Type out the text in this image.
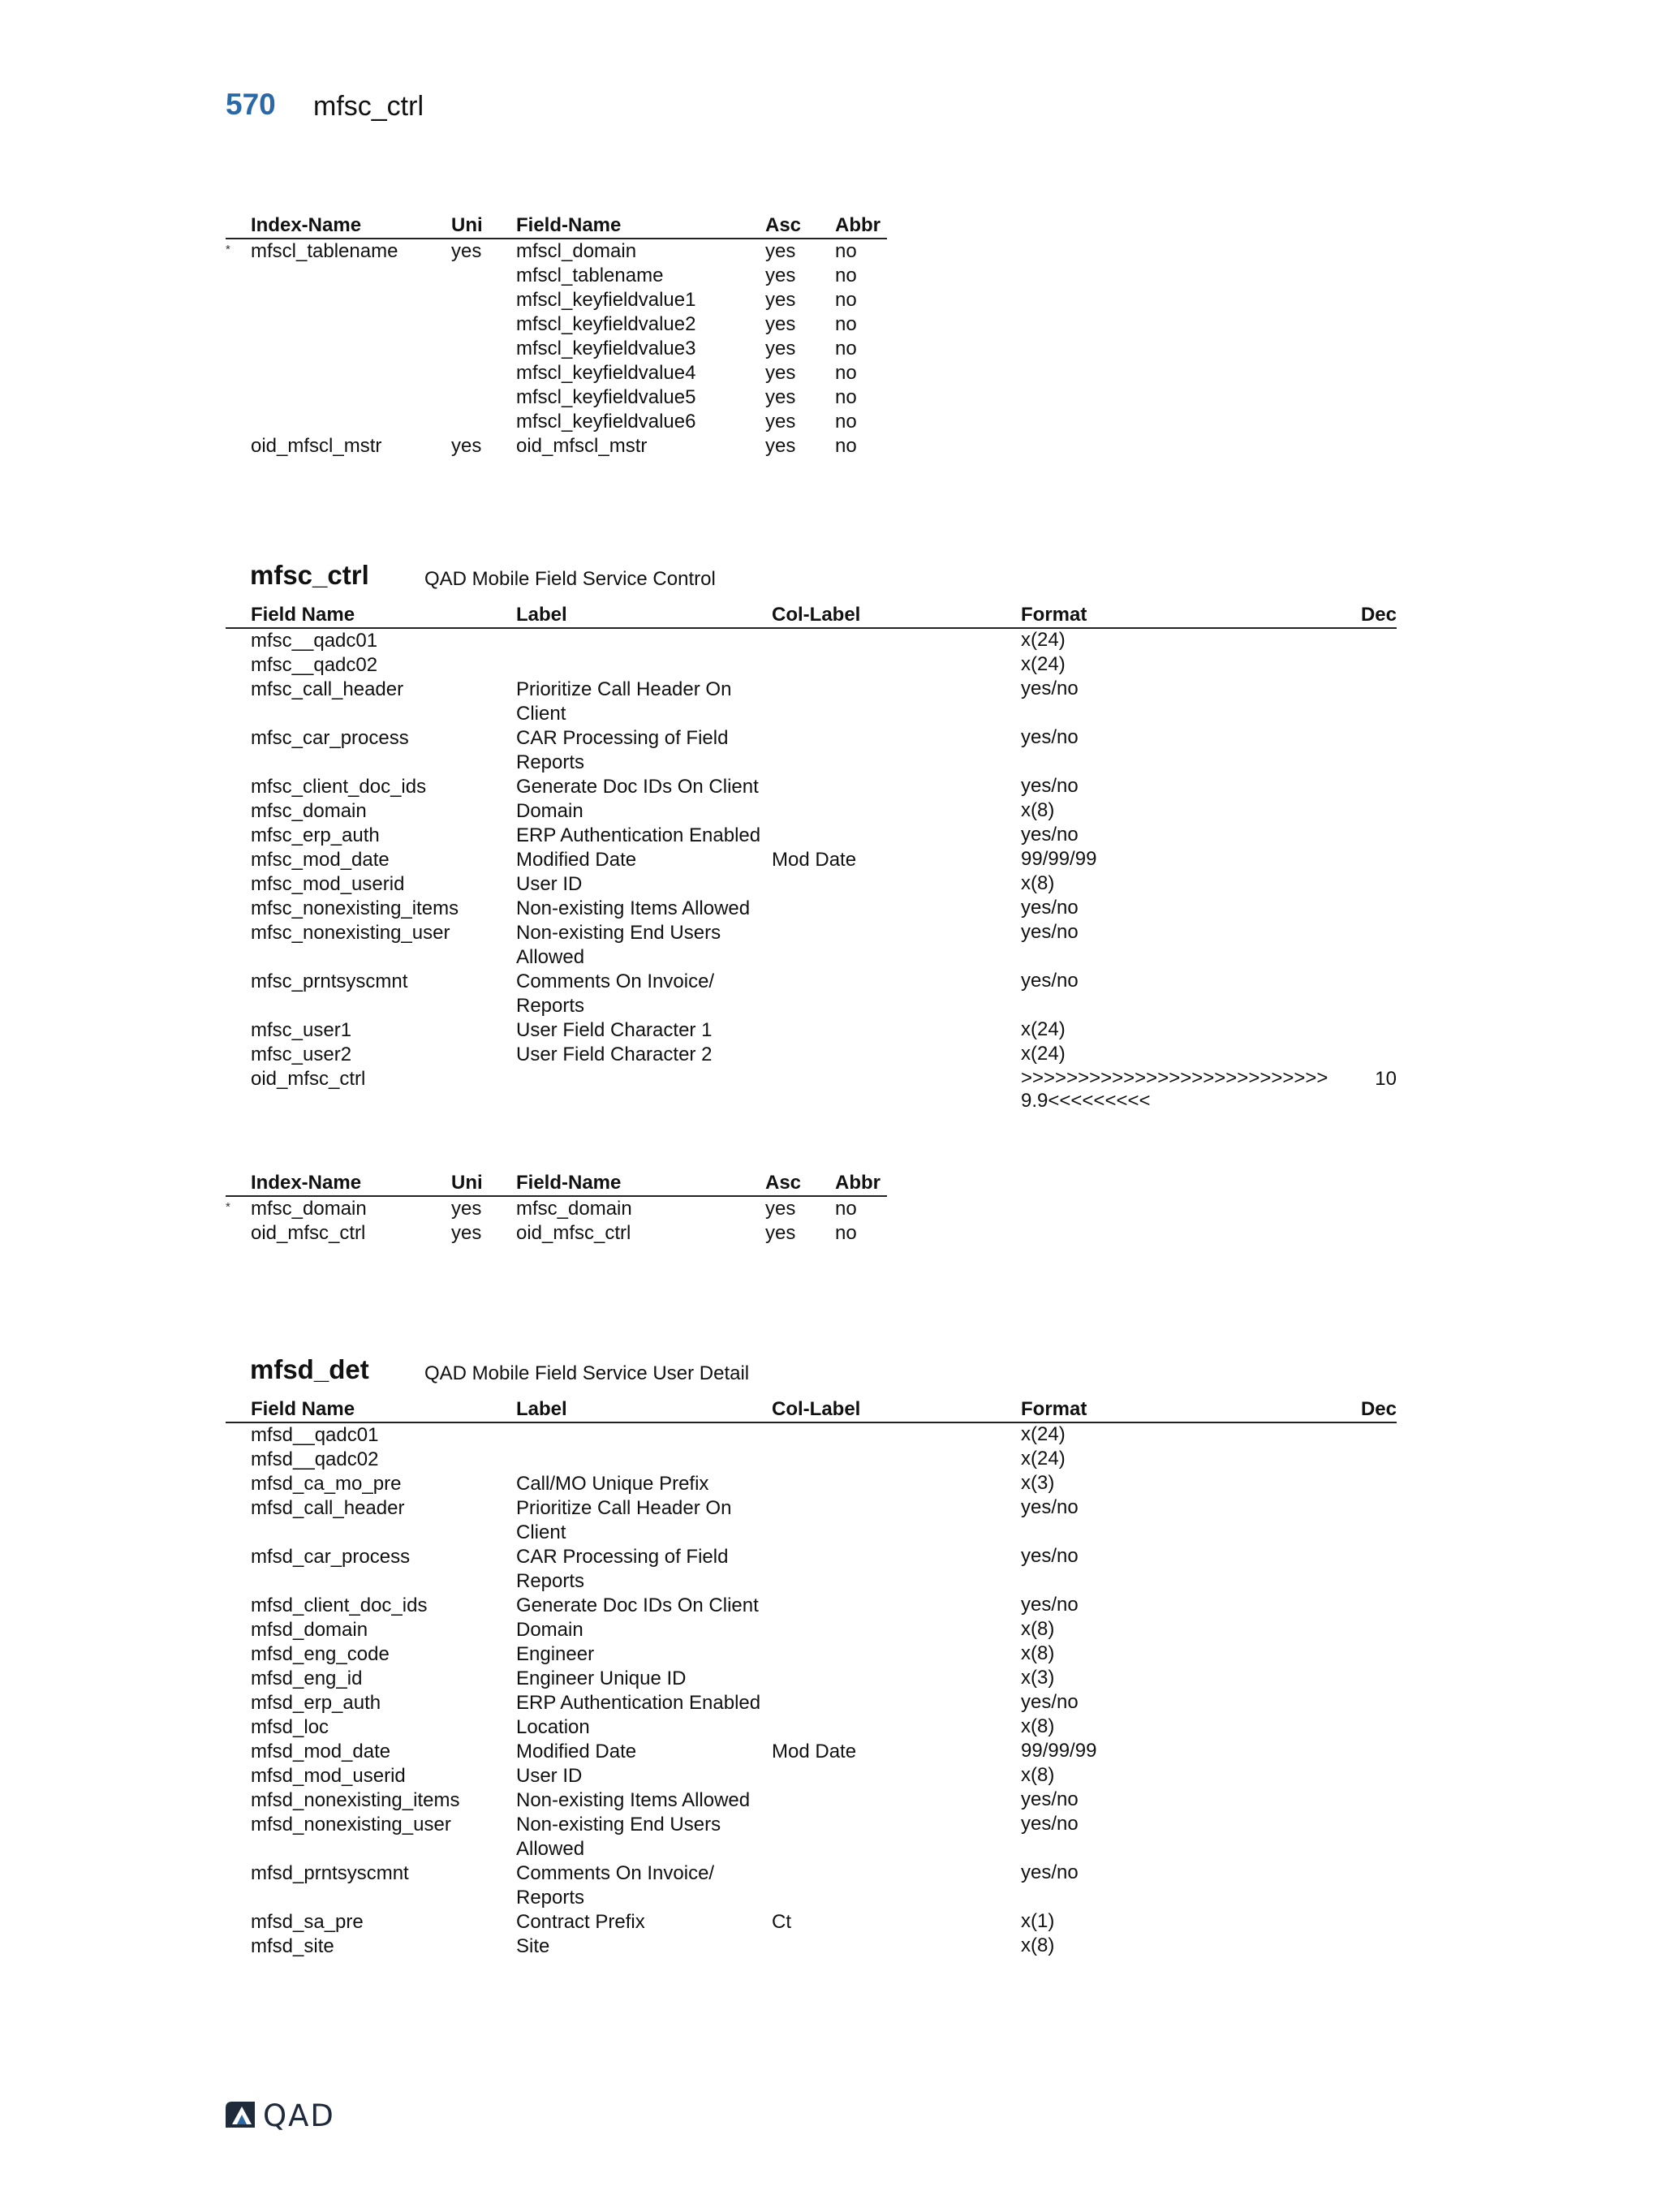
570 mfsc_ctrl
	Index-Name	Uni	Field-Name	Asc	Abbr
*	mfscl_tablename	yes	mfscl_domain	yes	no
			mfscl_tablename	yes	no
			mfscl_keyfieldvalue1	yes	no
			mfscl_keyfieldvalue2	yes	no
			mfscl_keyfieldvalue3	yes	no
			mfscl_keyfieldvalue4	yes	no
			mfscl_keyfieldvalue5	yes	no
			mfscl_keyfieldvalue6	yes	no
	oid_mfscl_mstr	yes	oid_mfscl_mstr	yes	no
mfsc_ctrl	QAD Mobile Field Service Control
	Field Name	Label	Col-Label	Format	Dec
	mfsc__qadc01			x(24)	
	mfsc__qadc02			x(24)	
	mfsc_call_header	Prioritize Call Header On Client		yes/no	
	mfsc_car_process	CAR Processing of Field Reports		yes/no	
	mfsc_client_doc_ids	Generate Doc IDs On Client		yes/no	
	mfsc_domain	Domain		x(8)	
	mfsc_erp_auth	ERP Authentication Enabled		yes/no	
	mfsc_mod_date	Modified Date	Mod Date	99/99/99	
	mfsc_mod_userid	User ID		x(8)	
	mfsc_nonexisting_items	Non-existing Items Allowed		yes/no	
	mfsc_nonexisting_user	Non-existing End Users Allowed		yes/no	
	mfsc_prntsyscmnt	Comments On Invoice/ Reports		yes/no	
	mfsc_user1	User Field Character 1		x(24)	
	mfsc_user2	User Field Character 2		x(24)	
	oid_mfsc_ctrl			>>>>>>>>>>>>>>>>>>>>>>>>>>>9.9<<<<<<<<<	10
	Index-Name	Uni	Field-Name	Asc	Abbr
*	mfsc_domain	yes	mfsc_domain	yes	no
	oid_mfsc_ctrl	yes	oid_mfsc_ctrl	yes	no
mfsd_det	QAD Mobile Field Service User Detail
	Field Name	Label	Col-Label	Format	Dec
	mfsd__qadc01			x(24)	
	mfsd__qadc02			x(24)	
	mfsd_ca_mo_pre	Call/MO Unique Prefix		x(3)	
	mfsd_call_header	Prioritize Call Header On Client		yes/no	
	mfsd_car_process	CAR Processing of Field Reports		yes/no	
	mfsd_client_doc_ids	Generate Doc IDs On Client		yes/no	
	mfsd_domain	Domain		x(8)	
	mfsd_eng_code	Engineer		x(8)	
	mfsd_eng_id	Engineer Unique ID		x(3)	
	mfsd_erp_auth	ERP Authentication Enabled		yes/no	
	mfsd_loc	Location		x(8)	
	mfsd_mod_date	Modified Date	Mod Date	99/99/99	
	mfsd_mod_userid	User ID		x(8)	
	mfsd_nonexisting_items	Non-existing Items Allowed		yes/no	
	mfsd_nonexisting_user	Non-existing End Users Allowed		yes/no	
	mfsd_prntsyscmnt	Comments On Invoice/ Reports		yes/no	
	mfsd_sa_pre	Contract Prefix	Ct	x(1)	
	mfsd_site	Site		x(8)	
QAD
